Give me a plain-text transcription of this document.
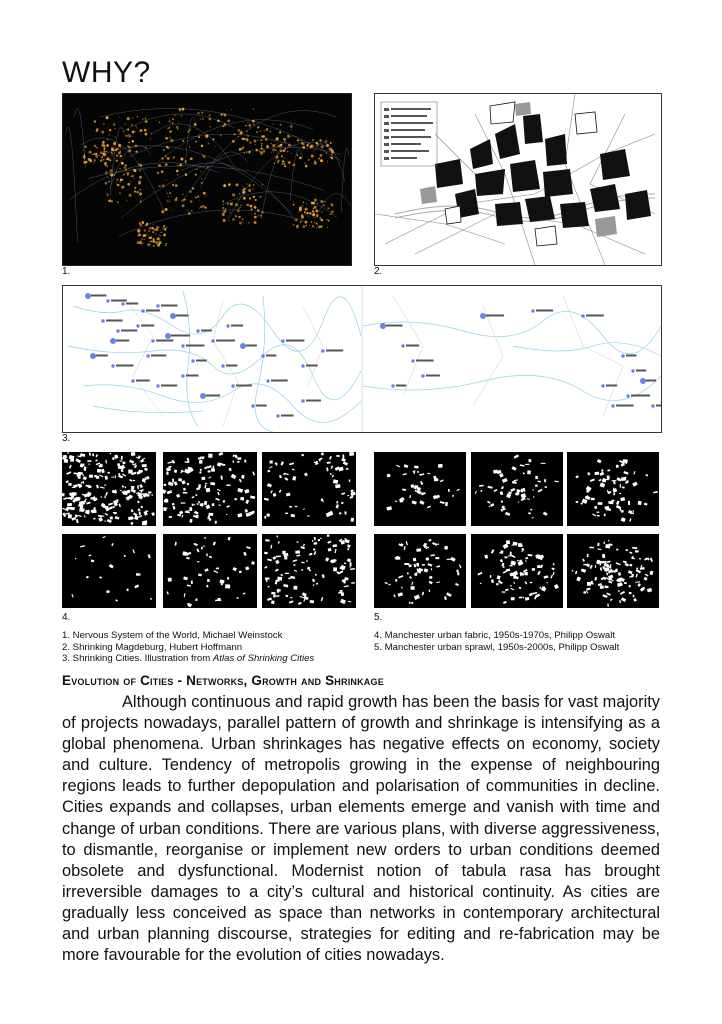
WHY?
1.	2.
3.
4.	5.
1. Nervous System of the World, Michael Weinstock
2. Shrinking Magdeburg, Hubert Hoffmann
3. Shrinking Cities. Illustration from Atlas of Shrinking Cities
4. Manchester urban fabric, 1950s-1970s, Philipp Oswalt
5. Manchester urban sprawl, 1950s-2000s, Philipp Oswalt
Evolution of Cities - Networks, Growth and Shrinkage
Although continuous and rapid growth has been the basis for vast majority of projects nowadays, parallel pattern of growth and shrinkage is intensifying as a global phenomena. Urban shrinkages has negative effects on economy, society and culture. Tendency of metropolis growing in the expense of neighbouring regions leads to further depopulation and polarisation of communities in decline. Cities expands and collapses, urban elements emerge and vanish with time and change of urban conditions. There are various plans, with diverse aggressiveness, to dismantle, reorganise or implement new orders to urban conditions deemed obsolete and dysfunctional. Modernist notion of tabula rasa has brought irreversible damages to a city’s cultural and historical continuity. As cities are gradually less conceived as space than networks in contemporary architectural and urban planning discourse, strategies for editing and re-fabrication may be more favourable for the evolution of cities nowadays.
